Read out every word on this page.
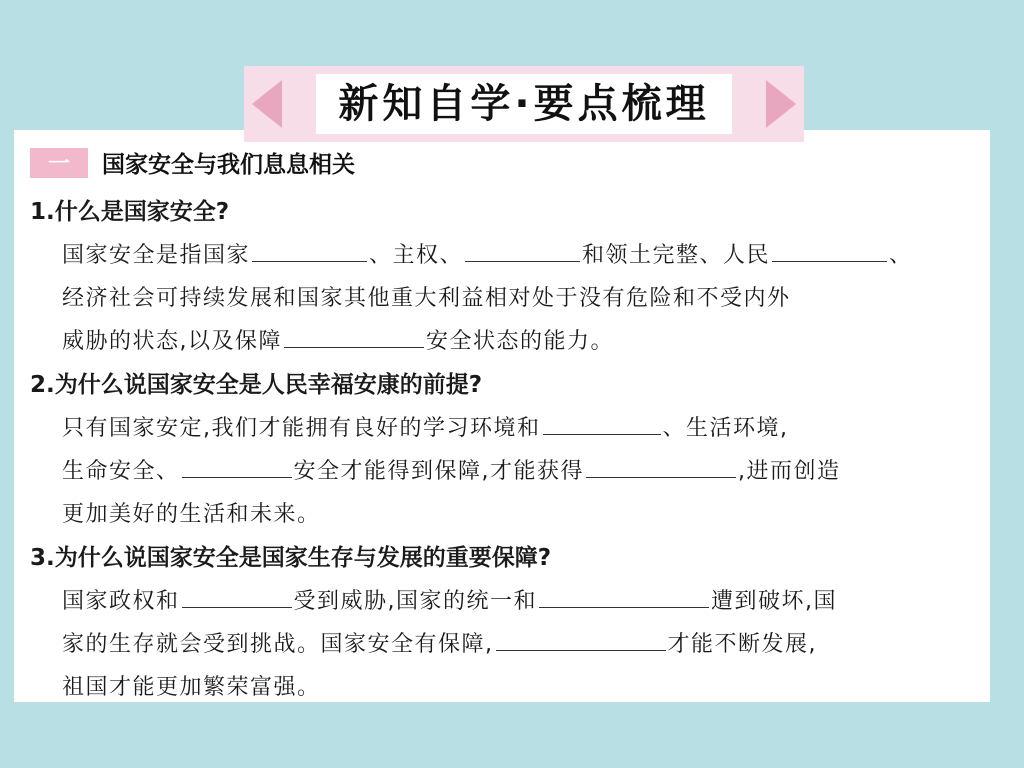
新知自学·要点梳理
一	国家安全与我们息息相关
1.什么是国家安全?
国家安全是指国家	、主权、	和领土完整、人民	、
经济社会可持续发展和国家其他重大利益相对处于没有危险和不受内外
威胁的状态,以及保障	安全状态的能力。
2.为什么说国家安全是人民幸福安康的前提?
只有国家安定,我们才能拥有良好的学习环境和	、生活环境,
生命安全、	安全才能得到保障,才能获得	,进而创造
更加美好的生活和未来。
3.为什么说国家安全是国家生存与发展的重要保障?
国家政权和	受到威胁,国家的统一和	遭到破坏,国
家的生存就会受到挑战。国家安全有保障,	才能不断发展,
祖国才能更加繁荣富强。
